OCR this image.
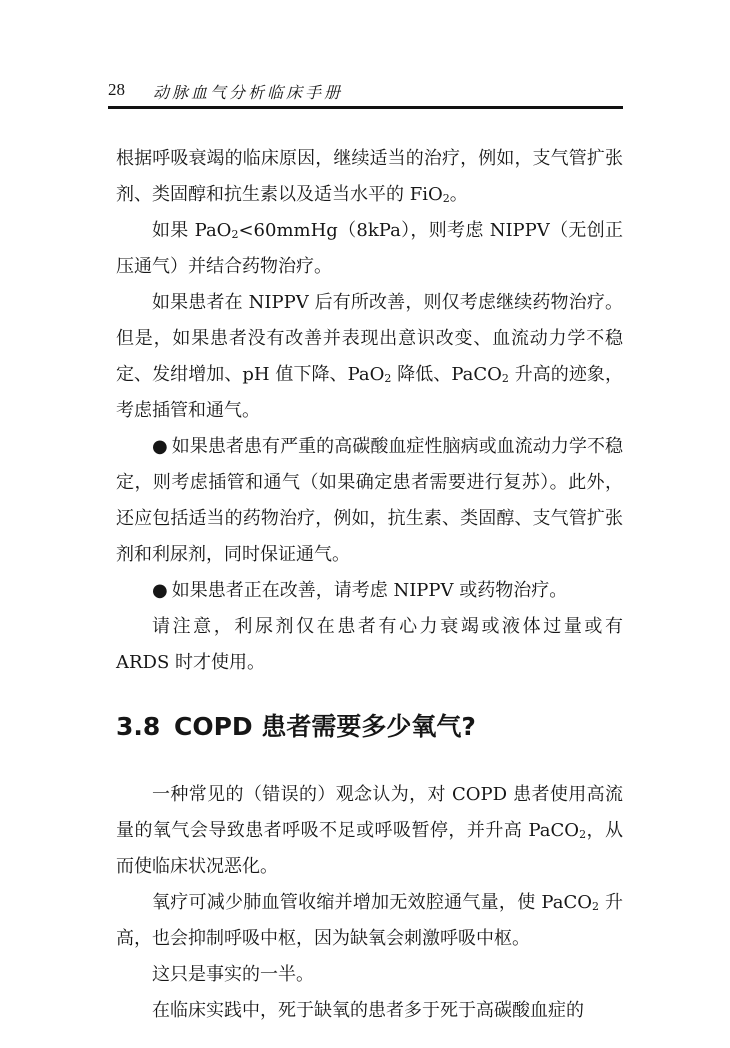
28 动脉血气分析临床手册

根据呼吸衰竭的临床原因，继续适当的治疗，例如，支气管扩张剂、类固醇和抗生素以及适当水平的 FiO$_2$。

如果 PaO$_2$<60mmHg（8kPa），则考虑 NIPPV（无创正压通气）并结合药物治疗。

如果患者在 NIPPV 后有所改善，则仅考虑继续药物治疗。但是，如果患者没有改善并表现出意识改变、血流动力学不稳定、发绀增加、pH 值下降、PaO$_2$ 降低、PaCO$_2$ 升高的迹象，考虑插管和通气。

● 如果患者患有严重的高碳酸血症性脑病或血流动力学不稳定，则考虑插管和通气（如果确定患者需要进行复苏）。此外，还应包括适当的药物治疗，例如，抗生素、类固醇、支气管扩张剂和利尿剂，同时保证通气。

● 如果患者正在改善，请考虑 NIPPV 或药物治疗。

请注意，利尿剂仅在患者有心力衰竭或液体过量或有 ARDS 时才使用。

3.8 COPD 患者需要多少氧气?

一种常见的（错误的）观念认为，对 COPD 患者使用高流量的氧气会导致患者呼吸不足或呼吸暂停，并升高 PaCO$_2$，从而使临床状况恶化。

氧疗可减少肺血管收缩并增加无效腔通气量，使 PaCO$_2$ 升高，也会抑制呼吸中枢，因为缺氧会刺激呼吸中枢。

这只是事实的一半。

在临床实践中，死于缺氧的患者多于死于高碳酸血症的
